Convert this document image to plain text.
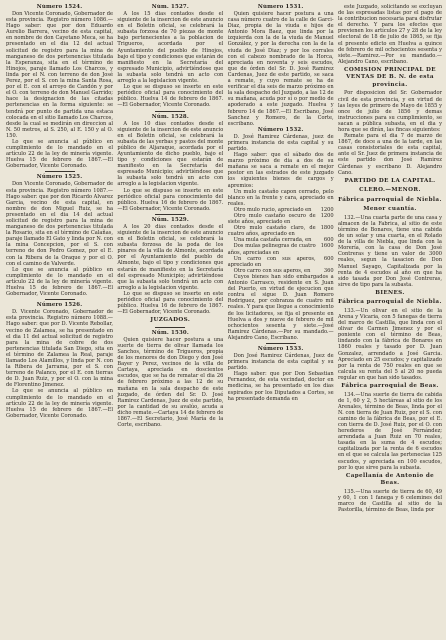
Número 1524.
Don Vicente Coronado, Gobernador de esta provincia. Registro número 1086.—Hago saber: que por don Eduardo Aurelio Barrera, vecino de esta capital, en nombre de don Cayetano Meca, se ha presentado en el dia 12 del actual solicitud de registro para la mina de manganeso de dos pertenencias titulada la Esperanza, sita en el término de Hinojos, paraje llamado Los Charcos, y linda por el N. con terreno de don José Perez, por el S. con la mina Santa Rosa, por el E. con el arroyo de Candón y por el O. con terreno de don Manuel Garrido; hace la designacion de las citadas pertenencias en la forma siguiente: se tendrá por punto de partida una estaca colocada en el sitio llamado Los Charcos, desde la cual se medirán en direccion al N. 50 metros, al S. 250, al E. 150 y al O. 150.
Lo que se anuncia al público en cumplimiento de lo mandado en el artículo 22 de la ley de minería vigente. Huelva 15 de febrero de 1867.—El Gobernador, Vicente Coronado.
Número 1525.
Don Vicente Coronado, Gobernador de esta provincia. Registro número 1087.—Hago saber: que por don Ricardo Alvarez Garcia, vecino de esta capital, en nombre de don Miguel Ruiz, se ha presentado en el dia 14 del actual solicitud de registro para la mina de manganeso de dos pertenencias titulada la Rosario, sita en el término de Calañas, paraje llamado El Gato y linda por N. con la mina Concepcion, por el S. con terreno de don Pedro Gomez, por el E. con la Ribera de la Oraque y por el O. con el camino de Valverde.
Lo que se anuncia al público en cumplimiento de lo mandado en el artículo 22 de la ley de minería vigente. Huelva 15 de febrero de 1867.—El Gobernador, Vicente Coronado.
Número 1526.
D. Vicente Coronado, Gobernador de esta provincia. Registro número 1088.—Hago saber: que por D. Vicente Rebollar, vecino de Zalamea, se ha presentado en el dia 11 del actual solicitud de registro para la mina de cobre de dos pertenencias titulada San Diego, sita en el término de Zalamea la Real, paraje llamado Los Alamillos, y linda por N. con la Ribera de Jarrama, por el S. con terreno de Palanco, por el E. con tierras de D. Juan Ruiz, y por el O. con la mina de Florentino Jimenez.
Lo que se anuncia al público en cumplimiento de lo mandado en el artículo 22 de la ley de minería vigente. Huelva 15 de febrero de 1867.—El Gobernador, Vicente Coronado.
Núm. 1527.
A los 15 dias contados desde el siguiente de la insercion de este anuncio en el Boletin oficial, se celebrará la subasta forzosa de 70 piezas de monte bajo pertenecientes a la poblacion de Trigueros, acordada por el Ayuntamiento del pueblo de Hinojos, bajo el tipo y condiciones que estarán de manifiesto en la Secretaría del espresado Municipio, advirtiéndose que la subasta solo tendrá un acto con arreglo a la legislacion vigente.
Lo que se dispuso se inserte en este periódico oficial para conocimiento del público. Huelva 14 de febrero de 1867.—El Gobernador, Vicente Coronado.
Núm. 1528.
A los 10 dias contados desde el siguiente de la insercion de este anuncio en el Boletin oficial, se celebrará la subasta de las yerbas y pastos del monte público de Aljaraque, acordada por el Ayuntamiento de dicho pueblo, bajo el tipo y condiciones que estarán de manifiesto en la Secretaría del espresado Municipio; advirtiéndose que la subasta solo tendrá un acto con arreglo a la legislacion vigente.
Lo que se dispuso se inserte en este periódico oficial para conocimiento del público. Huelva 16 de febrero de 1867.—El Gobernador, Vicente Coronado.
Núm. 1529.
A los 20 dias contados desde el siguiente de la insercion de este anuncio en el Boletin oficial, se celebrará la subasta forzosa de la poda de los pinares de la villa de Almonte, acordada por el Ayuntamiento del pueblo de Almonte, bajo el tipo y condiciones que estarán de manifiesto en la Secretaría del espresado Municipio; advirtiéndose que la subasta solo tendrá un acto con arreglo a la legislacion vigente.
Lo que se dispuso se inserte en este periódico oficial para conocimiento del público. Huelva 16 de febrero de 1867.—El Gobernador, Vicente Coronado.
JUZGADOS.
Núm. 1530.
Quien quisiere hacer postura a una suerte de tierra de olivar llamada los Sanchos, término de Trigueros, propia de los menores de don Diego y don José Bayer y Perez, vecinos de la villa de Cartaya, apreciada en doscientos escudos, que se ha de rematar el dia 26 de febrero próximo a las 12 de su mañana en la sala despacho de este juzgado, de órden del Sr. D. José Ramirez Cardenas, Juez de este partido, por la cantidad de su avalúo, acuda a dicho remate.—Cartaya 14 de febrero de 1867.—El Secretario, José María de la Corte, escribano.
Número 1531.
Quien quisiere hacer postura a una casa número cuatro de la calle de Garci-Diaz, propia de la viuda e hijos de Antonio Mora Baez, que linda por la izquierda con la de la viuda de Manuel González, y por la derecha con la de la viuda de José Diaz; y por los corrales con el cabezo nombrado de la Horca, apreciada en noventa y seis escudos, que de órden del Sr. D. José Ramirez Cardenas, Juez de este partido, se saca a remate, y cuyo remate se ha de verificar el dia seis de marzo próximo en la sala despacho del Juzgado, a las 12 de su mañana, acuda por sí o por medio de apoderado a este juzgado. Huelva y febrero 14 de 1867.—El Escribano, José Sanchez y Romero, de la Corte, escribano.
Número 1532.
D. José Ramirez Cárdenas, juez de primera instancia de esta capital y su partido.
Hago saber: que el sábado dos de marzo próximo de dia a dos de su mañana se saca a remate en el mejor postor en las estrados de este juzgado los siguientes bienes de cargos y apremios:
Un mulo castaño capon cerrado, pelo blanco en la frente y cara, apreciado en reales.
Otro mulo rucio, apreciado en	1200
Otro mulo castaño oscuro de siete años, apreciado en
1200
Otro mulo castaño claro, de cuatro años, apreciado en
1800
Una mula castaña cerrada, en	600
Dos mulas pelinegras de cuatro años, apreciadas en
1600
Un carro con sus aperos, apreciado en
600
Otro carro con sus aperos, en	360
Cuyos bienes han sido embargados a Antonio Carrasco, residente en S. Juan del Puerto, en virtud de ejecucion que contra el sigue D. Juan Romero Rodriguez, por cobranza de cuatro mil reales. Y para que llegue a conocimiento de los licitadores, se fija el presente en Huelva a dos y nueve de febrero de mil ochocientos sesenta y siete.—José Ramirez Cárdenas.—Por su mandado.—Alejandro Cano, Escribano.
Número 1533.
Don José Ramirez Cárdenas, Juez de primera instancia de esta capital y su partido.
Hago saber: que por Don Sebastian Fernandez, de esta vecindad, doctor en medicina, se ha presentado en los dias espirados por los Diputados a Cortes, se ha presentado demanda en
este Juzgado, solicitando se excluyan de las espresadas listas por el pago de la contribucion necesaria para disfrutar el derecho. Y para los efectos que previenen los artículos 27 y 28 de la ley electoral de 18 de julio de 1865, se fija el presente edicto en Huelva a quince de febrero de mil ochocientos sesenta y siete.—Ramirez.—Por su mandado.—Alejandro Cano, escribano.
COMISION PRINCIPAL DE VENTAS DE B. N. de esta provincia.
Por disposicion del Sr. Gobernador civil de esta provincia, y en virtud de las leyes de primero de Mayo de 1855 y once de julio de 1856 y demas instrucciones para su cumplimiento, se sacan a pública subasta, en el dia y hora que se dirán, las fincas siguientes:
Remate para el dia 7 de marzo de 1867, de doce a una de la tarde, en las casas consistoriales de esta capital, ante el Sr. Juez de primera instancia de este partido don José Ramirez Cárdenas y escribano D. Alejandro Cano.
PARTIDO DE LA CAPITAL.
CLERO.—MENOR.
Fábrica parroquial de Niebla.
Menor cuantía.
132.—Una cuarta parte de una casa y almacen de la Fabrica, al sitio de este término de Bonares, tiene una cabida de un solar y una cuarta, en el Rolado de la villa de Niebla, que linda con la Morería, con la casa de Don José Contreras y tiene un valor de 3000 reales, segun la tasacion de Don Manuel Sayago, Capitalizada por la renta de 4 escudos al año en que ha sido tasada por Don José Contreras, sirve de tipo para la subasta.
BIENES.
Fábrica parroquial de Niebla.
133.—Un olivar en el sitio de la Arena y Vicaria, con 5 fanegas de tierra del marco de Castilla, que linda con el olivar de Carmen Jimenez y por el poniente con el término de Beas, lindando con la fábrica de Bonares en 1860 reales y tasado por D. Juan Gonzalez, arrendado a José Garcia. Apreciado en 25 escudos; y capitalizado por la renta de 750 reales en que se calcula su renta del 5 al 20 no pueda regular en que han sido tasados.
Fábrica parroquial de Beas.
134.—Una suerte de tierra de cabida de 1, 60 y 2, 5 hectáreas al sitio de los Arenales, término de Beas, linda por el N. con tierra de Juan Ruiz, por el S. con camino de la fábrica de Beas, por el E. con tierra de D. José Ruiz, por el O. con herederos de José Fernández; arrendada a Juan Ruiz en 70 reales, tasada en la suma de 4 escudos; capitalizada por la renta de 6 escudos en el que se calcula las pertenecias 125 escudos, y apreciada en 100 escudos, por lo que sirve para la subasta.
Capellanía de Antonio de Beas.
135.—Una suerte de tierra de 60, 49 y 60, 1 con 1 fanega y 6 celemines del marco de Castilla al sitio de la Pastorilla, término de Beas, linda por
